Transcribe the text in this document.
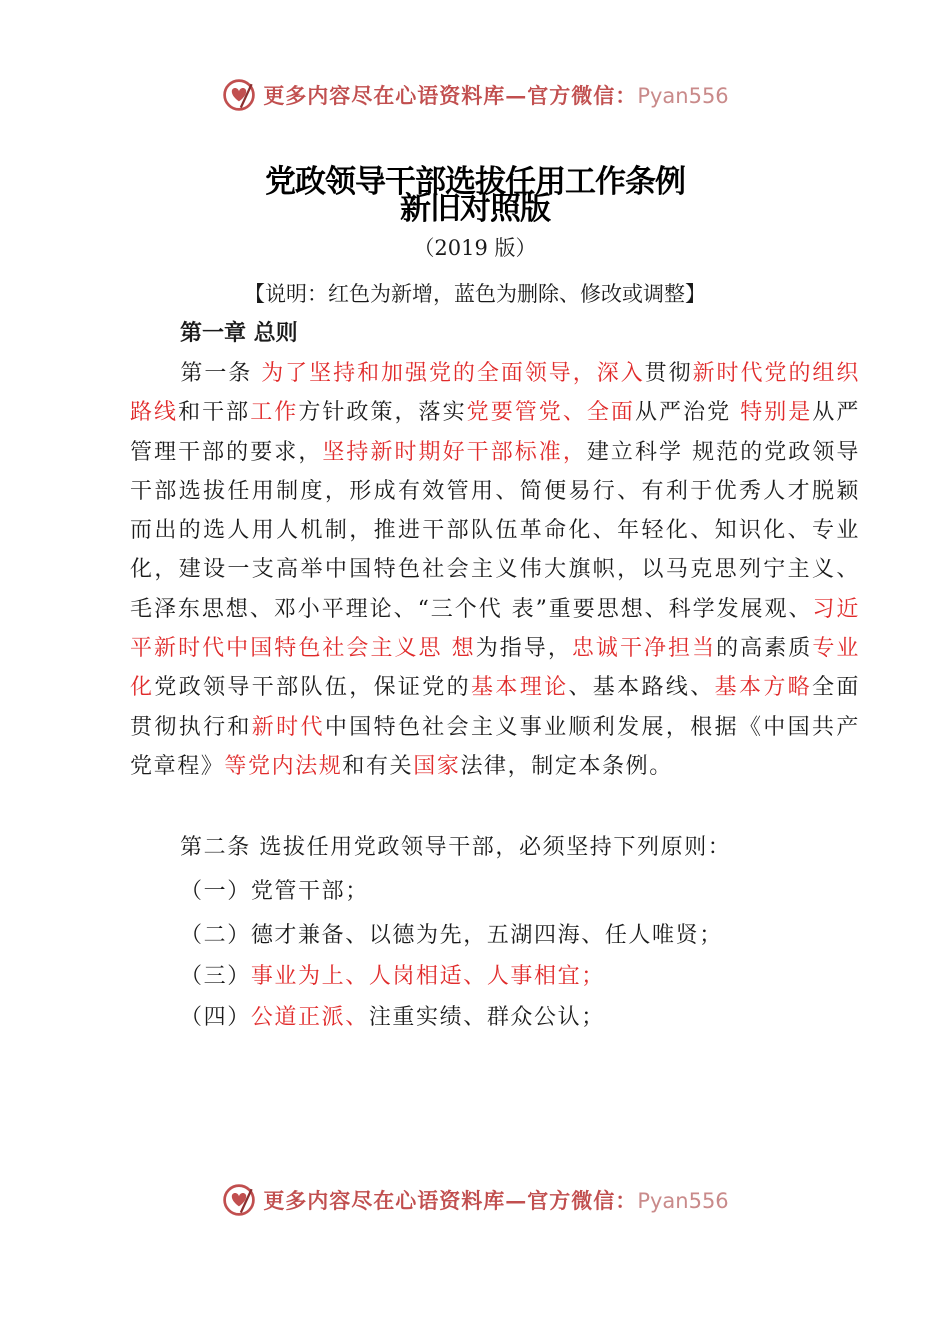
更多内容尽在心语资料库—官方微信：Pyan556
党政领导干部选拔任用工作条例
新旧对照版
（2019 版）
【说明：红色为新增，蓝色为删除、修改或调整】
第一章 总则
第一条 为了坚持和加强党的全面领导，深入贯彻新时代党的组织路线和干部工作方针政策，落实党要管党、全面从严治党 特别是从严管理干部的要求，坚持新时期好干部标准，建立科学 规范的党政领导干部选拔任用制度，形成有效管用、简便易行、有利于优秀人才脱颖而出的选人用人机制，推进干部队伍革命化、年轻化、知识化、专业化，建设一支高举中国特色社会主义伟大旗帜，以马克思列宁主义、毛泽东思想、邓小平理论、“三个代 表”重要思想、科学发展观、习近平新时代中国特色社会主义思 想为指导，忠诚干净担当的高素质专业化党政领导干部队伍，保证党的基本理论、基本路线、基本方略全面贯彻执行和新时代中国特色社会主义事业顺利发展，根据《中国共产党章程》等党内法规和有关国家法律，制定本条例。
第二条 选拔任用党政领导干部，必须坚持下列原则：
（一）党管干部；
（二）德才兼备、以德为先，五湖四海、任人唯贤；
（三）事业为上、人岗相适、人事相宜；
（四）公道正派、注重实绩、群众公认；
更多内容尽在心语资料库—官方微信：Pyan556
